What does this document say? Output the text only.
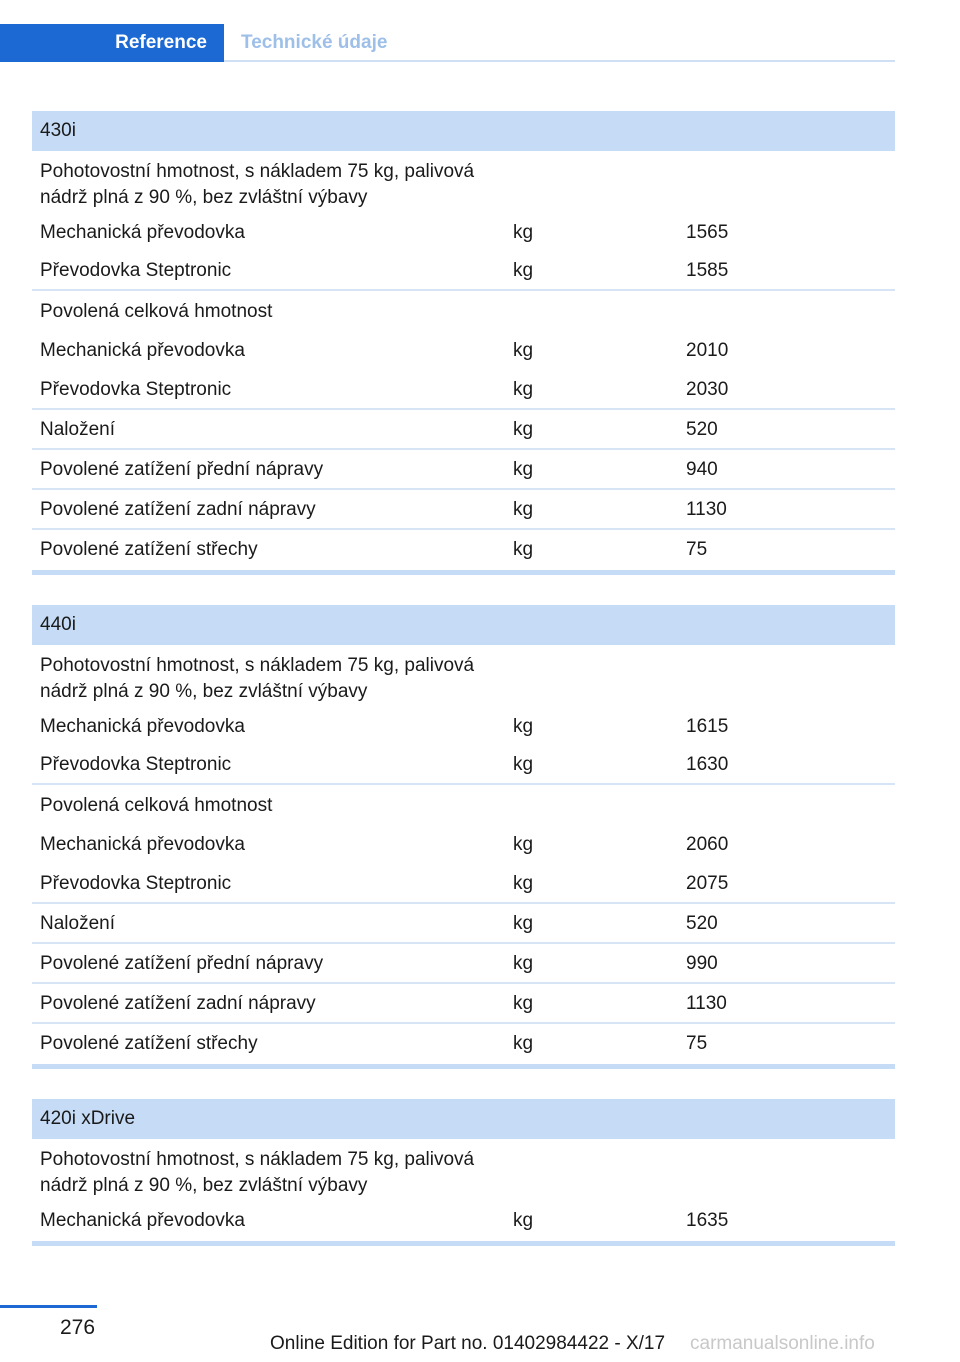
Reference	Technické údaje
430i
Pohotovostní hmotnost, s nákladem 75 kg, palivová nádrž plná z 90 %, bez zvláštní výbavy
Mechanická převodovka	kg	1565
Převodovka Steptronic	kg	1585
Povolená celková hmotnost
Mechanická převodovka	kg	2010
Převodovka Steptronic	kg	2030
Naložení	kg	520
Povolené zatížení přední nápravy	kg	940
Povolené zatížení zadní nápravy	kg	1130
Povolené zatížení střechy	kg	75
440i
Pohotovostní hmotnost, s nákladem 75 kg, palivová nádrž plná z 90 %, bez zvláštní výbavy
Mechanická převodovka	kg	1615
Převodovka Steptronic	kg	1630
Povolená celková hmotnost
Mechanická převodovka	kg	2060
Převodovka Steptronic	kg	2075
Naložení	kg	520
Povolené zatížení přední nápravy	kg	990
Povolené zatížení zadní nápravy	kg	1130
Povolené zatížení střechy	kg	75
420i xDrive
Pohotovostní hmotnost, s nákladem 75 kg, palivová nádrž plná z 90 %, bez zvláštní výbavy
Mechanická převodovka	kg	1635
276
Online Edition for Part no. 01402984422 - X/17 carmanualsonline.info
